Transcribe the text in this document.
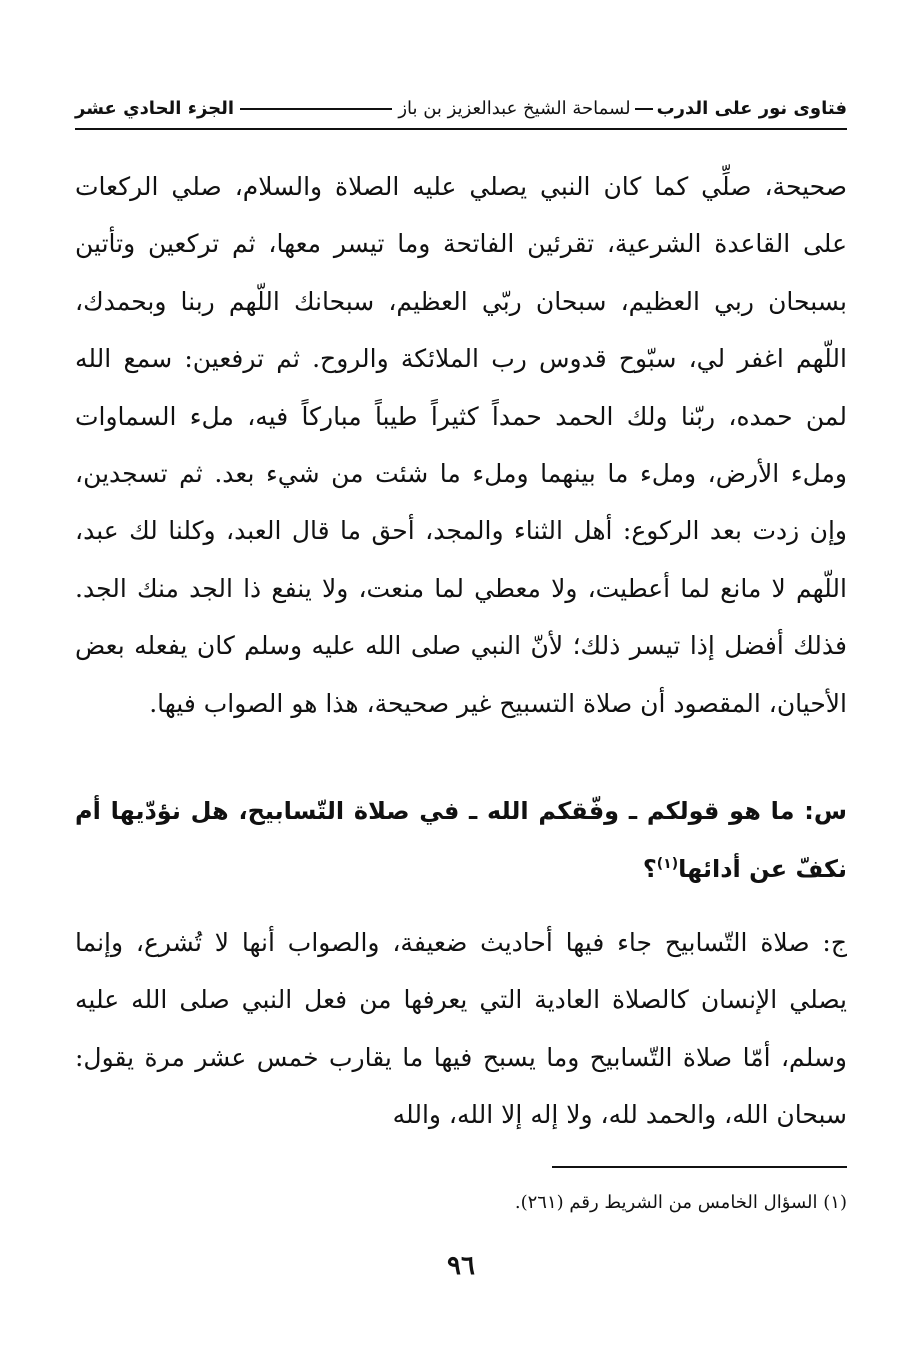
فتاوى نور على الدرب
لسماحة الشيخ عبدالعزيز بن باز
الجزء الحادي عشر

صحيحة، صلِّي كما كان النبي يصلي عليه الصلاة والسلام، صلي الركعات على القاعدة الشرعية، تقرئين الفاتحة وما تيسر معها، ثم تركعين وتأتين بسبحان ربي العظيم، سبحان ربّي العظيم، سبحانك اللّهم ربنا وبحمدك، اللّهم اغفر لي، سبّوح قدوس رب الملائكة والروح. ثم ترفعين: سمع الله لمن حمده، ربّنا ولك الحمد حمداً كثيراً طيباً مباركاً فيه، ملء السماوات وملء الأرض، وملء ما بينهما وملء ما شئت من شيء بعد. ثم تسجدين، وإن زدت بعد الركوع: أهل الثناء والمجد، أحق ما قال العبد، وكلنا لك عبد، اللّهم لا مانع لما أعطيت، ولا معطي لما منعت، ولا ينفع ذا الجد منك الجد. فذلك أفضل إذا تيسر ذلك؛ لأنّ النبي صلى الله عليه وسلم كان يفعله بعض الأحيان، المقصود أن صلاة التسبيح غير صحيحة، هذا هو الصواب فيها.

س: ما هو قولكم ـ وفّقكم الله ـ في صلاة التّسابيح، هل نؤدّيها أم نكفّ عن أدائها$^{(١)}$؟

ج: صلاة التّسابيح جاء فيها أحاديث ضعيفة، والصواب أنها لا تُشرع، وإنما يصلي الإنسان كالصلاة العادية التي يعرفها من فعل النبي صلى الله عليه وسلم، أمّا صلاة التّسابيح وما يسبح فيها ما يقارب خمس عشر مرة يقول: سبحان الله، والحمد لله، ولا إله إلا الله، والله

(١) السؤال الخامس من الشريط رقم (٢٦١).
٩٦
